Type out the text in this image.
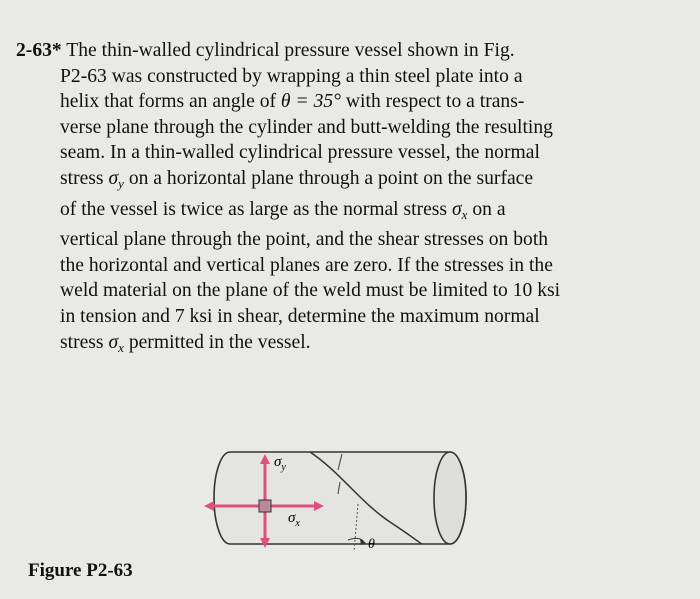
2-63* The thin-walled cylindrical pressure vessel shown in Fig.
P2-63 was constructed by wrapping a thin steel plate into a
helix that forms an angle of θ = 35° with respect to a trans-
verse plane through the cylinder and butt-welding the resulting
seam. In a thin-walled cylindrical pressure vessel, the normal
stress $\sigma_y$ on a horizontal plane through a point on the surface
of the vessel is twice as large as the normal stress $\sigma_x$ on a
vertical plane through the point, and the shear stresses on both
the horizontal and vertical planes are zero. If the stresses in the
weld material on the plane of the weld must be limited to 10 ksi
in tension and 7 ksi in shear, determine the maximum normal
stress $\sigma_x$ permitted in the vessel.
$\sigma_y$
$\sigma_x$
θ
Figure P2-63
